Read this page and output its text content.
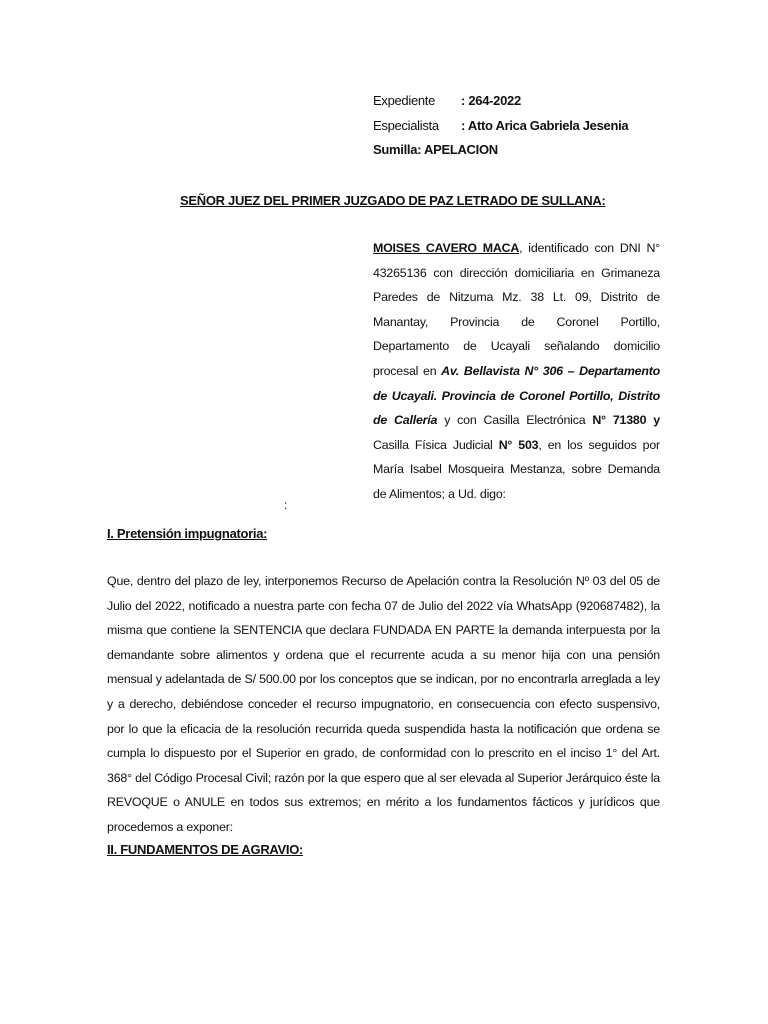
Expediente : 264-2022
Especialista : Atto Arica Gabriela Jesenia
Sumilla: APELACION
SEÑOR JUEZ DEL PRIMER JUZGADO DE PAZ LETRADO DE SULLANA:
MOISES CAVERO MACA, identificado con DNI N° 43265136 con dirección domiciliaria en Grimaneza Paredes de Nitzuma Mz. 38 Lt. 09, Distrito de Manantay, Provincia de Coronel Portillo, Departamento de Ucayali señalando domicilio procesal en Av. Bellavista N° 306 – Departamento de Ucayali. Provincia de Coronel Portillo, Distrito de Callería y con Casilla Electrónica N° 71380 y Casilla Física Judicial N° 503, en los seguidos por María Isabel Mosqueira Mestanza, sobre Demanda de Alimentos; a Ud. digo:
:
I. Pretensión impugnatoria:
Que, dentro del plazo de ley, interponemos Recurso de Apelación contra la Resolución Nº 03 del 05 de Julio del 2022, notificado a nuestra parte con fecha 07 de Julio del 2022 vía WhatsApp (920687482), la misma que contiene la SENTENCIA que declara FUNDADA EN PARTE la demanda interpuesta por la demandante sobre alimentos y ordena que el recurrente acuda a su menor hija con una pensión mensual y adelantada de S/ 500.00 por los conceptos que se indican, por no encontrarla arreglada a ley y a derecho, debiéndose conceder el recurso impugnatorio, en consecuencia con efecto suspensivo, por lo que la eficacia de la resolución recurrida queda suspendida hasta la notificación que ordena se cumpla lo dispuesto por el Superior en grado, de conformidad con lo prescrito en el inciso 1° del Art. 368° del Código Procesal Civil; razón por la que espero que al ser elevada al Superior Jerárquico éste la REVOQUE o ANULE en todos sus extremos; en mérito a los fundamentos fácticos y jurídicos que procedemos a exponer:
II. FUNDAMENTOS DE AGRAVIO:
